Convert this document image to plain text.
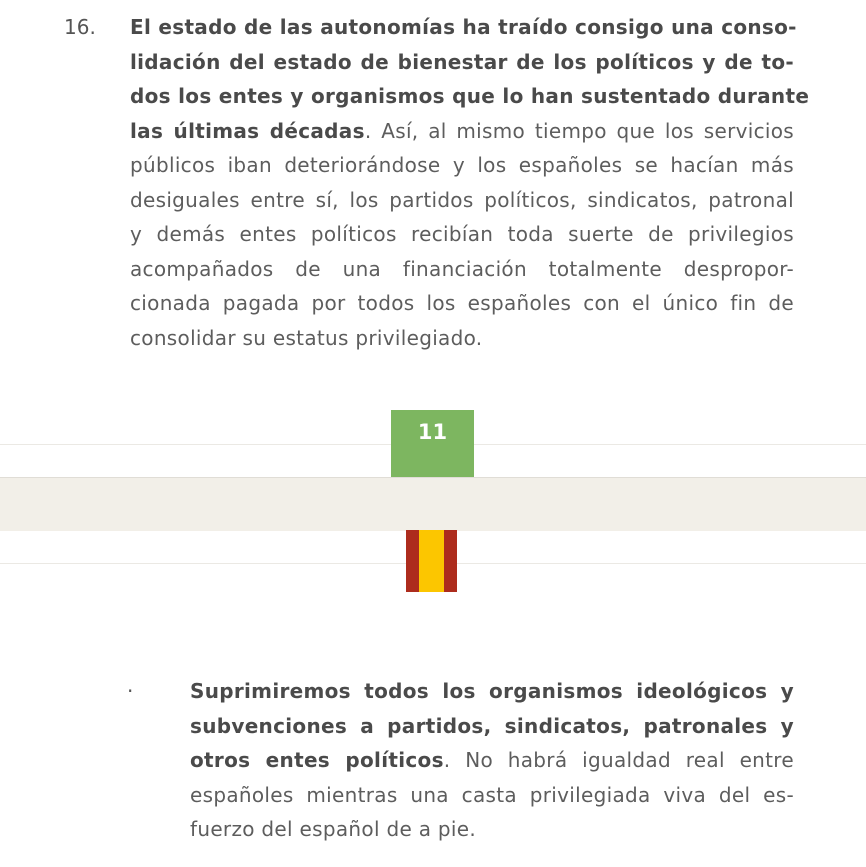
16. El estado de las autonomías ha traído consigo una conso-
lidación del estado de bienestar de los políticos y de to-
dos los entes y organismos que lo han sustentado durante
las últimas décadas. Así, al mismo tiempo que los servicios
públicos iban deteriorándose y los españoles se hacían más
desiguales entre sí, los partidos políticos, sindicatos, patronal
y demás entes políticos recibían toda suerte de privilegios
acompañados de una financiación totalmente despropor-
cionada pagada por todos los españoles con el único fin de
consolidar su estatus privilegiado.
11
·	Suprimiremos todos los organismos ideológicos y
subvenciones a partidos, sindicatos, patronales y
otros entes políticos. No habrá igualdad real entre
españoles mientras una casta privilegiada viva del es-
fuerzo del español de a pie.
